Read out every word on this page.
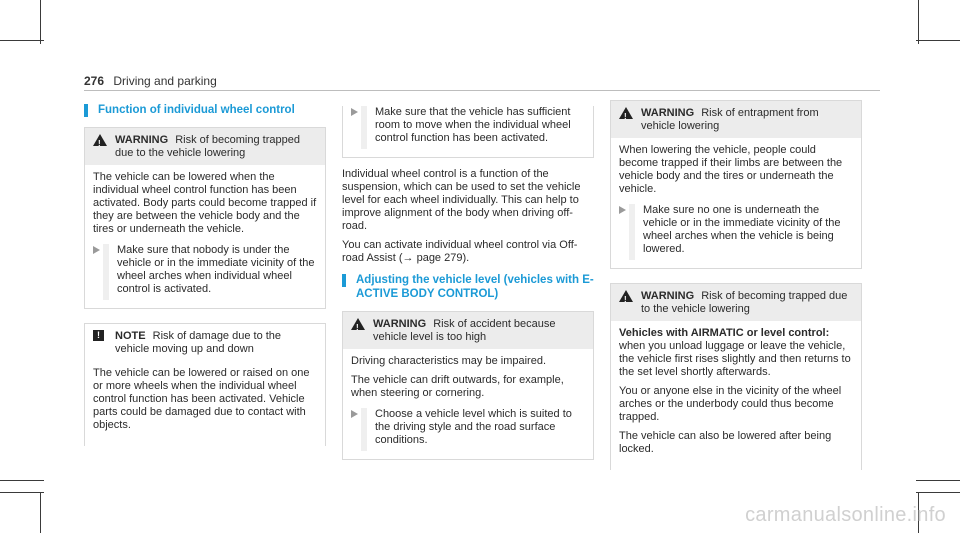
276 Driving and parking
Function of individual wheel control
! WARNING Risk of becoming trapped due to the vehicle lowering

The vehicle can be lowered when the individual wheel control function has been activated. Body parts could become trapped if they are between the vehicle body and the tires or underneath the vehicle.

Make sure that nobody is under the vehicle or in the immediate vicinity of the wheel arches when individual wheel control is activated.
!	NOTE Risk of damage due to the vehicle moving up and down

The vehicle can be lowered or raised on one or more wheels when the individual wheel control function has been activated. Vehicle parts could be damaged due to contact with objects.

Make sure that the vehicle has sufficient room to move when the individual wheel control function has been activated.

Individual wheel control is a function of the suspension, which can be used to set the vehicle level for each wheel individually. This can help to improve alignment of the body when driving off-road.

You can activate individual wheel control via Off-road Assist (→ page 279).

Adjusting the vehicle level (vehicles with E-ACTIVE BODY CONTROL)
! WARNING Risk of accident because vehicle level is too high

Driving characteristics may be impaired.

The vehicle can drift outwards, for example, when steering or cornering.

Choose a vehicle level which is suited to the driving style and the road surface conditions.
! WARNING Risk of entrapment from vehicle lowering

When lowering the vehicle, people could become trapped if their limbs are between the vehicle body and the tires or underneath the vehicle.

Make sure no one is underneath the vehicle or in the immediate vicinity of the wheel arches when the vehicle is being lowered.
! WARNING Risk of becoming trapped due to the vehicle lowering

Vehicles with AIRMATIC or level control: when you unload luggage or leave the vehicle, the vehicle first rises slightly and then returns to the set level shortly afterwards.

You or anyone else in the vicinity of the wheel arches or the underbody could thus become trapped.

The vehicle can also be lowered after being locked.

carmanualsonline.info
